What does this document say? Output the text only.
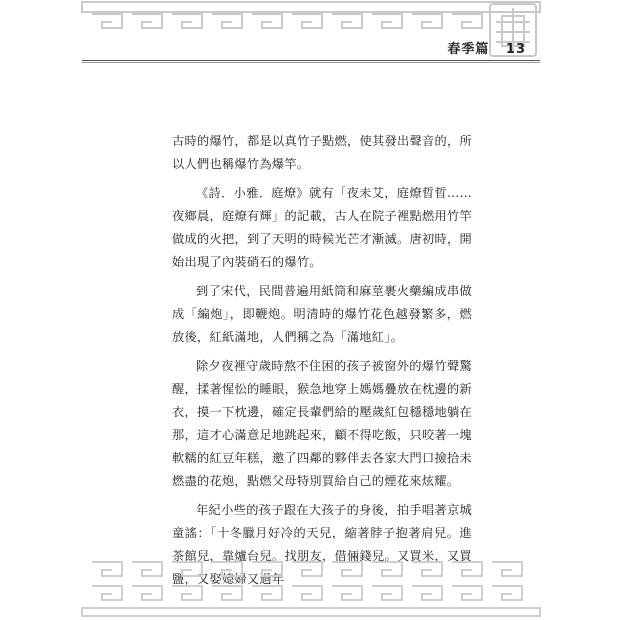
春季篇 13

古時的爆竹，都是以真竹子點燃，使其發出聲音的，所以人們也稱爆竹為爆竿。

《詩．小雅．庭燎》就有「夜未艾，庭燎晢晢……夜鄉晨，庭燎有輝」的記載，古人在院子裡點燃用竹竿做成的火把，到了天明的時候光芒才漸滅。唐初時，開始出現了內裝硝石的爆竹。

到了宋代，民間普遍用紙筒和麻莖裹火藥編成串做成「編炮」，即鞭炮。明清時的爆竹花色越發繁多，燃放後，紅紙滿地，人們稱之為「滿地紅」。

除夕夜裡守歲時熬不住困的孩子被窗外的爆竹聲驚醒，揉著惺忪的睡眼，猴急地穿上媽媽疊放在枕邊的新衣，摸一下枕邊，確定長輩們給的壓歲紅包穩穩地躺在那，這才心滿意足地跳起來，顧不得吃飯，只咬著一塊軟糯的紅豆年糕，邀了四鄰的夥伴去各家大門口撿拾未燃盡的花炮，點燃父母特別買給自己的煙花來炫耀。

年紀小些的孩子跟在大孩子的身後，拍手唱著京城童謠：「十冬臘月好冷的天兒，縮著脖子抱著肩兒。進茶館兒，靠爐台兒。找朋友，借倆錢兒。又買米，又買鹽，又娶媳婦又過年
